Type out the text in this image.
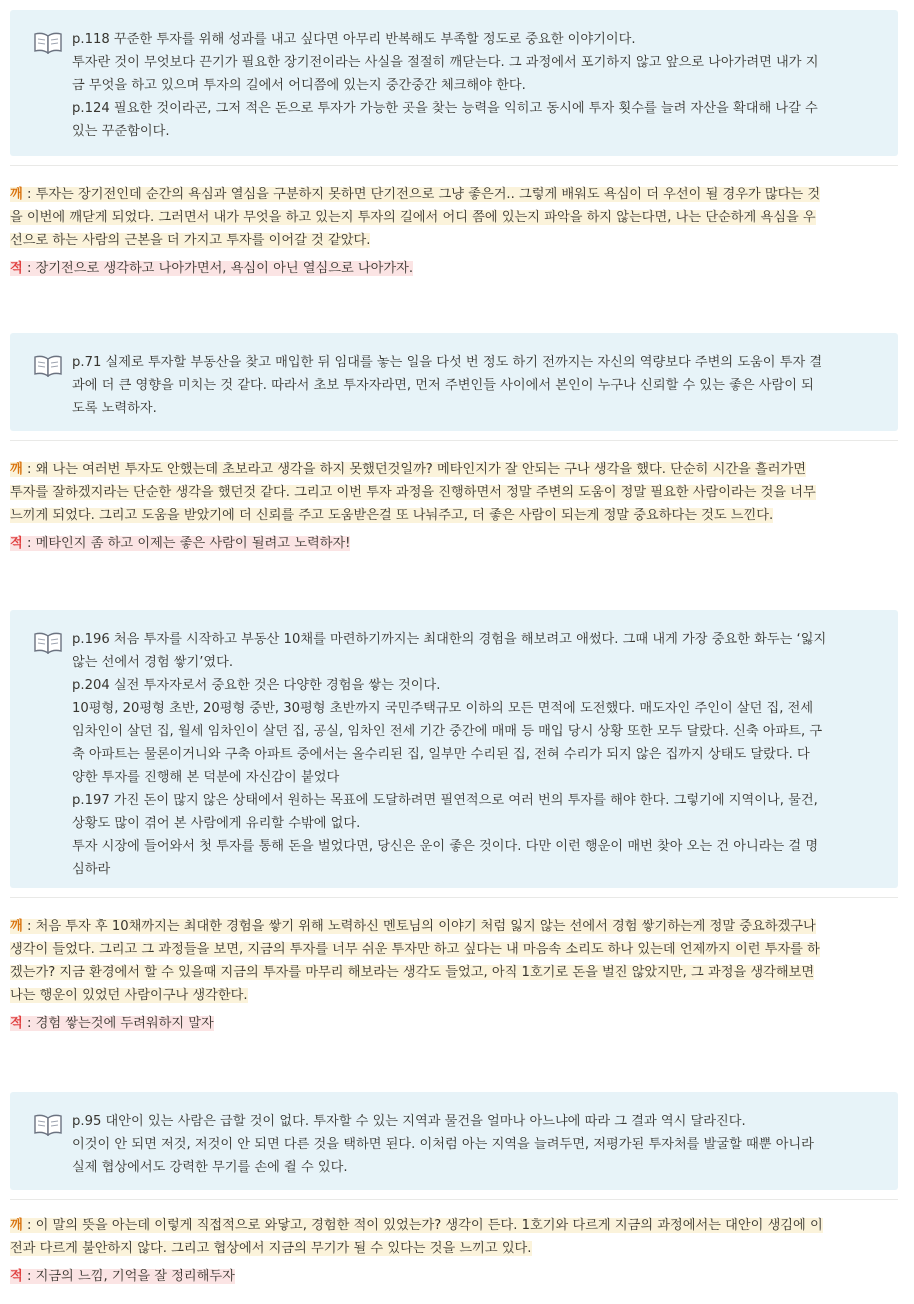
p.118 꾸준한 투자를 위해 성과를 내고 싶다면 아무리 반복해도 부족할 정도로 중요한 이야기이다.
투자란 것이 무엇보다 끈기가 필요한 장기전이라는 사실을 절절히 깨닫는다. 그 과정에서 포기하지 않고 앞으로 나아가려면 내가 지
금 무엇을 하고 있으며 투자의 길에서 어디쯤에 있는지 중간중간 체크해야 한다.
p.124 필요한 것이라곤, 그저 적은 돈으로 투자가 가능한 곳을 찾는 능력을 익히고 동시에 투자 횟수를 늘려 자산을 확대해 나갈 수
있는 꾸준함이다.
깨 : 투자는 장기전인데 순간의 욕심과 열심을 구분하지 못하면 단기전으로 그냥 좋은거.. 그렇게 배워도 욕심이 더 우선이 될 경우가 많다는 것
을 이번에 깨닫게 되었다. 그러면서 내가 무엇을 하고 있는지 투자의 길에서 어디 쯤에 있는지 파악을 하지 않는다면, 나는 단순하게 욕심을 우
선으로 하는 사람의 근본을 더 가지고 투자를 이어갈 것 같았다.
적 : 장기전으로 생각하고 나아가면서, 욕심이 아닌 열심으로 나아가자.
p.71 실제로 투자할 부동산을 찾고 매입한 뒤 임대를 놓는 일을 다섯 번 정도 하기 전까지는 자신의 역량보다 주변의 도움이 투자 결
과에 더 큰 영향을 미치는 것 같다. 따라서 초보 투자자라면, 먼저 주변인들 사이에서 본인이 누구나 신뢰할 수 있는 좋은 사람이 되
도록 노력하자.
깨 : 왜 나는 여러번 투자도 안했는데 초보라고 생각을 하지 못했던것일까? 메타인지가 잘 안되는 구나 생각을 했다. 단순히 시간을 흘러가면
투자를 잘하겠지라는 단순한 생각을 했던것 같다. 그리고 이번 투자 과정을 진행하면서 정말 주변의 도움이 정말 필요한 사람이라는 것을 너무
느끼게 되었다. 그리고 도움을 받았기에 더 신뢰를 주고 도움받은걸 또 나눠주고, 더 좋은 사람이 되는게 정말 중요하다는 것도 느낀다.
적 : 메타인지 좀 하고 이제는 좋은 사람이 될려고 노력하자!
p.196 처음 투자를 시작하고 부동산 10채를 마련하기까지는 최대한의 경험을 해보려고 애썼다. 그때 내게 가장 중요한 화두는 ‘잃지
않는 선에서 경험 쌓기’였다.
p.204 실전 투자자로서 중요한 것은 다양한 경험을 쌓는 것이다.
10평형, 20평형 초반, 20평형 중반, 30평형 초반까지 국민주택규모 이하의 모든 면적에 도전했다. 매도자인 주인이 살던 집, 전세
임차인이 살던 집, 월세 임차인이 살던 집, 공실, 임차인 전세 기간 중간에 매매 등 매입 당시 상황 또한 모두 달랐다. 신축 아파트, 구
축 아파트는 물론이거니와 구축 아파트 중에서는 올수리된 집, 일부만 수리된 집, 전혀 수리가 되지 않은 집까지 상태도 달랐다. 다
양한 투자를 진행해 본 덕분에 자신감이 붙었다
p.197 가진 돈이 많지 않은 상태에서 원하는 목표에 도달하려면 필연적으로 여러 번의 투자를 해야 한다. 그렇기에 지역이나, 물건,
상황도 많이 겪어 본 사람에게 유리할 수밖에 없다.
투자 시장에 들어와서 첫 투자를 통해 돈을 벌었다면, 당신은 운이 좋은 것이다. 다만 이런 행운이 매번 찾아 오는 건 아니라는 걸 명
심하라
깨 : 처음 투자 후 10채까지는 최대한 경험을 쌓기 위해 노력하신 멘토님의 이야기 처럼 잃지 않는 선에서 경험 쌓기하는게 정말 중요하겠구나
생각이 들었다. 그리고 그 과정들을 보면, 지금의 투자를 너무 쉬운 투자만 하고 싶다는 내 마음속 소리도 하나 있는데 언제까지 이런 투자를 하
겠는가? 지금 환경에서 할 수 있을때 지금의 투자를 마무리 해보라는 생각도 들었고, 아직 1호기로 돈을 벌진 않았지만, 그 과정을 생각해보면
나는 행운이 있었던 사람이구나 생각한다.
적 : 경험 쌓는것에 두려워하지 말자
p.95 대안이 있는 사람은 급할 것이 없다. 투자할 수 있는 지역과 물건을 얼마나 아느냐에 따라 그 결과 역시 달라진다.
이것이 안 되면 저것, 저것이 안 되면 다른 것을 택하면 된다. 이처럼 아는 지역을 늘려두면, 저평가된 투자처를 발굴할 때뿐 아니라
실제 협상에서도 강력한 무기를 손에 쥘 수 있다.
깨 : 이 말의 뜻을 아는데 이렇게 직접적으로 와닿고, 경험한 적이 있었는가? 생각이 든다. 1호기와 다르게 지금의 과정에서는 대안이 생김에 이
전과 다르게 불안하지 않다. 그리고 협상에서 지금의 무기가 될 수 있다는 것을 느끼고 있다.
적 : 지금의 느낌, 기억을 잘 정리해두자
